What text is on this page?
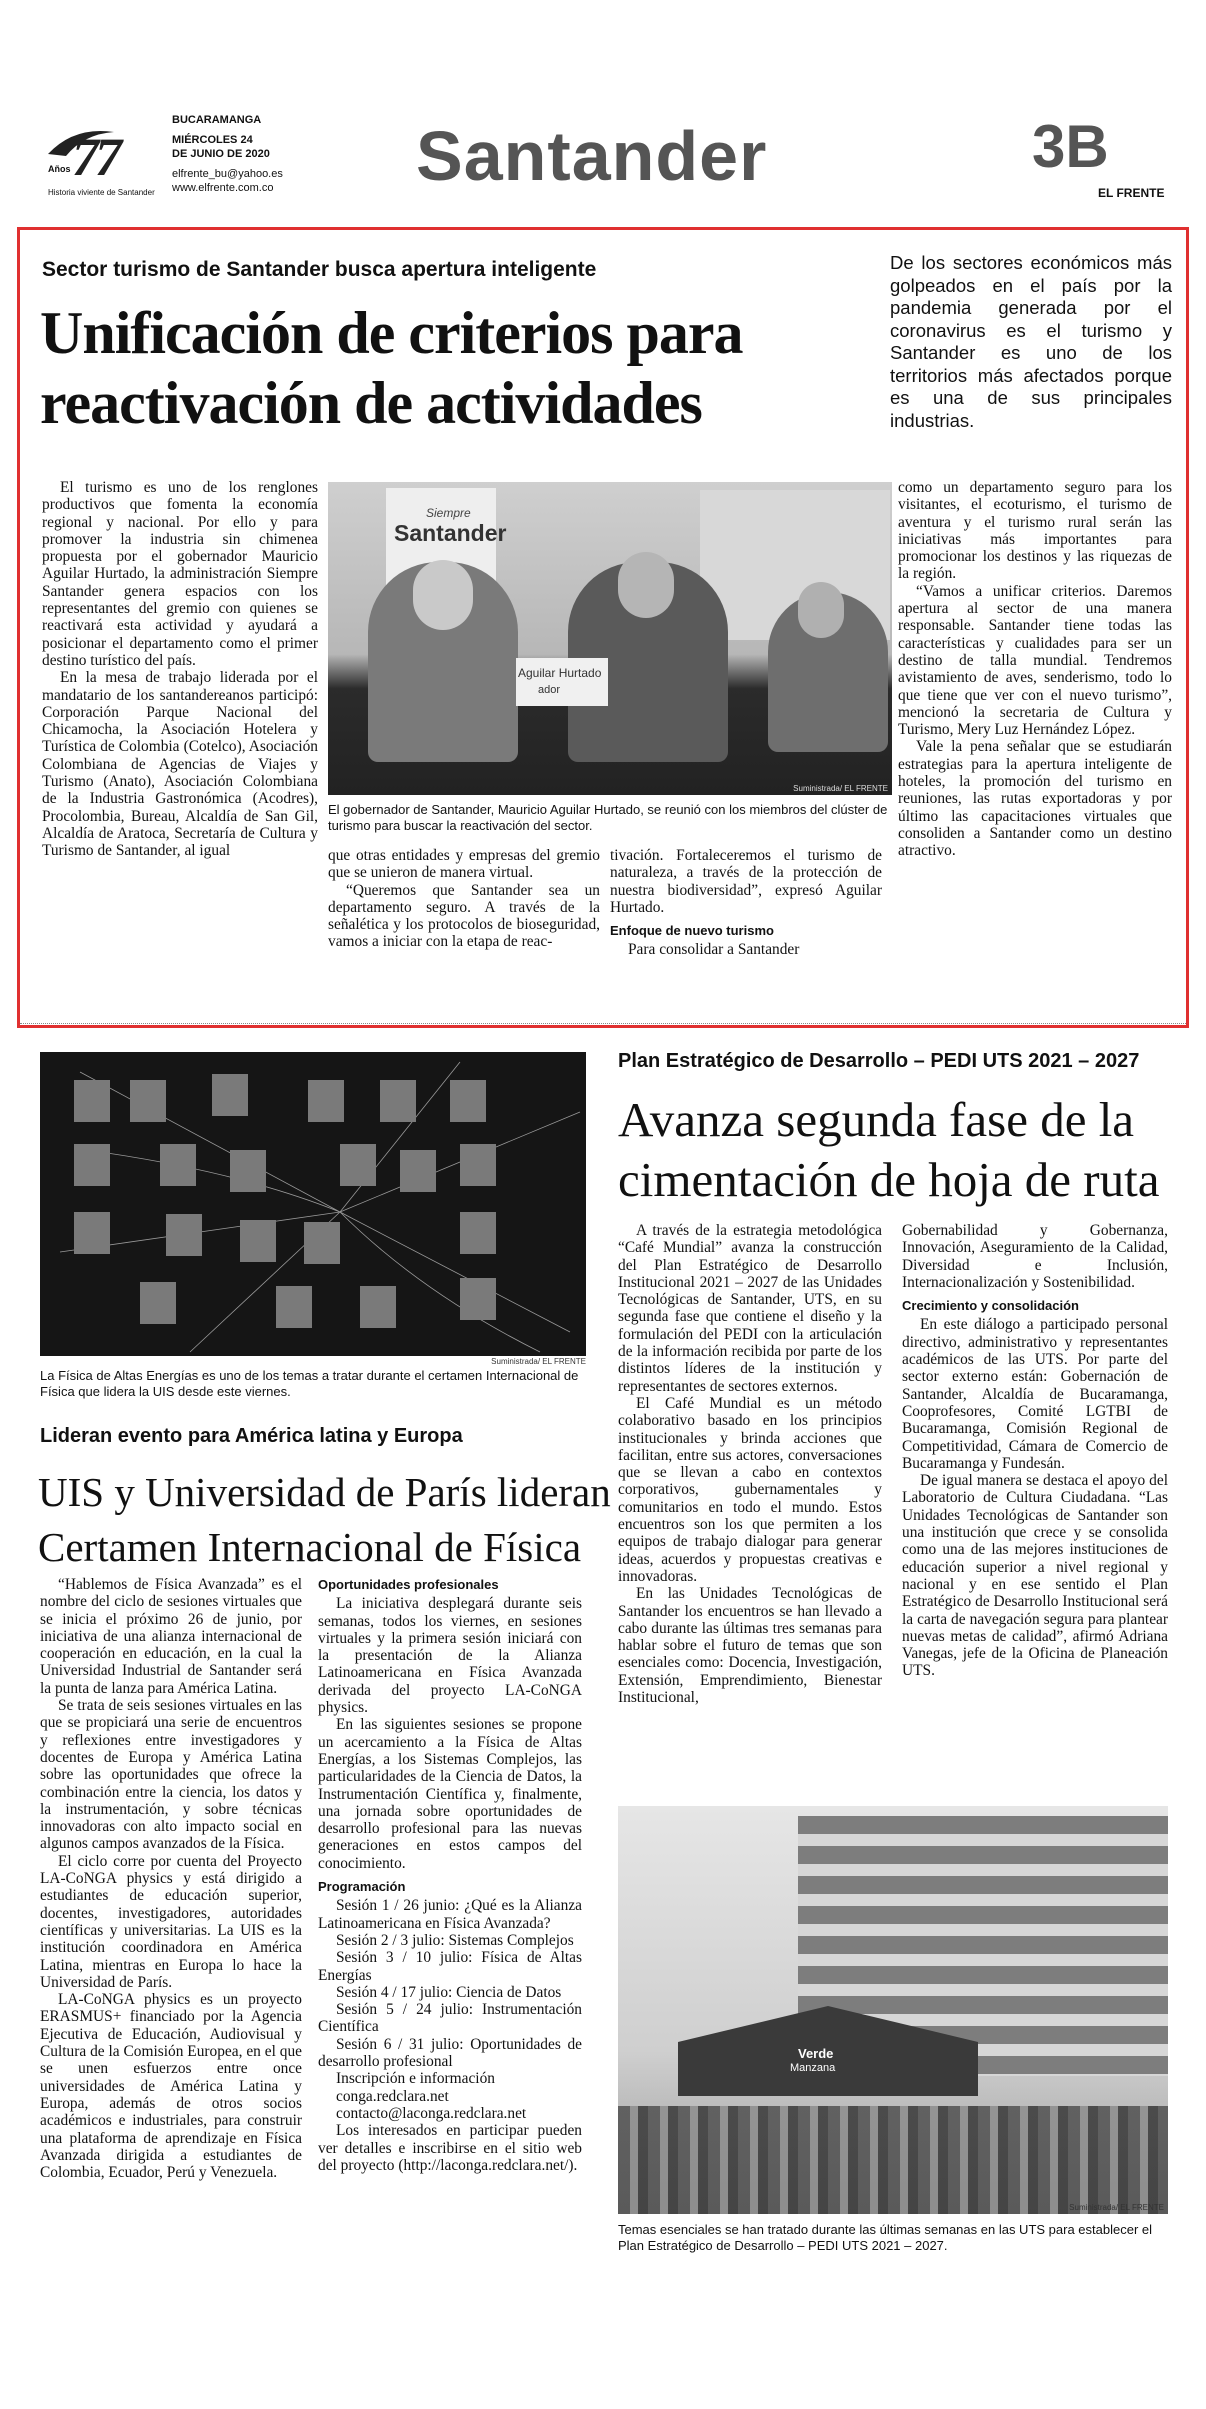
77
Años
Historia viviente de Santander
BUCARAMANGA
MIÉRCOLES 24
DE JUNIO DE 2020
elfrente_bu@yahoo.es
www.elfrente.com.co Santander	3B
EL FRENTE
Sector turismo de Santander busca apertura inteligente
Unificación de criterios para
reactivación de actividades
De los sectores económicos más golpeados en el país por la pandemia generada por el coronavirus es el turismo y Santander es uno de los territorios más afectados porque es una de sus principales industrias.
Siempre
Santander
Aguilar Hurtado
ador
Suministrada/ EL FRENTE
El gobernador de Santander, Mauricio Aguilar Hurtado, se reunió con los miembros del clúster de turismo para buscar la reactivación del sector.

El turismo es uno de los renglones productivos que fomenta la economía regional y nacional. Por ello y para promover la industria sin chimenea propuesta por el gobernador Mauricio Aguilar Hurtado, la administración Siempre Santander genera espacios con los representantes del gremio con quienes se reactivará esta actividad y ayudará a posicionar el departamento como el primer destino turístico del país.

En la mesa de trabajo liderada por el mandatario de los santandereanos participó: Corporación Parque Nacional del Chicamocha, la Asociación Hotelera y Turística de Colombia (Cotelco), Asociación Colombiana de Agencias de Viajes y Turismo (Anato), Asociación Colombiana de la Industria Gastronómica (Acodres), Procolombia, Bureau, Alcaldía de San Gil, Alcaldía de Aratoca, Secretaría de Cultura y Turismo de Santander, al igual	que otras entidades y empresas del gremio que se unieron de manera virtual.

“Queremos que Santander sea un departamento seguro. A través de la señalética y los protocolos de bioseguridad, vamos a iniciar con la etapa de reac-

tivación. Fortaleceremos el turismo de naturaleza, a través de la protección de nuestra biodiversidad”, expresó Aguilar Hurtado.

Enfoque de nuevo turismo

Para consolidar a Santander

como un departamento seguro para los visitantes, el ecoturismo, el turismo de aventura y el turismo rural serán las iniciativas más importantes para promocionar los destinos y las riquezas de la región.

“Vamos a unificar criterios. Daremos apertura al sector de una manera responsable. Santander tiene todas las características y cualidades para ser un destino de talla mundial. Tendremos avistamiento de aves, senderismo, todo lo que tiene que ver con el nuevo turismo”, mencionó la secretaria de Cultura y Turismo, Mery Luz Hernández López.

Vale la pena señalar que se estudiarán estrategias para la apertura inteligente de hoteles, la promoción del turismo en reuniones, las rutas exportadoras y por último las capacitaciones virtuales que consoliden a Santander como un destino atractivo.

Suministrada/ EL FRENTE
La Física de Altas Energías es uno de los temas a tratar durante el certamen Internacional de Física que lidera la UIS desde este viernes.
Lideran evento para América latina y Europa
UIS y Universidad de París lideran
Certamen Internacional de Física

“Hablemos de Física Avanzada” es el nombre del ciclo de sesiones virtuales que se inicia el próximo 26 de junio, por iniciativa de una alianza internacional de cooperación en educación, en la cual la Universidad Industrial de Santander será la punta de lanza para América Latina.

Se trata de seis sesiones virtuales en las que se propiciará una serie de encuentros y reflexiones entre investigadores y docentes de Europa y América Latina sobre las oportunidades que ofrece la combinación entre la ciencia, los datos y la instrumentación, y sobre técnicas innovadoras con alto impacto social en algunos campos avanzados de la Física.

El ciclo corre por cuenta del Proyecto LA-CoNGA physics y está dirigido a estudiantes de educación superior, docentes, investigadores, autoridades científicas y universitarias. La UIS es la institución coordinadora en América Latina, mientras en Europa lo hace la Universidad de París.

LA-CoNGA physics es un proyecto ERASMUS+ financiado por la Agencia Ejecutiva de Educación, Audiovisual y Cultura de la Comisión Europea, en el que se unen esfuerzos entre once universidades de América Latina y Europa, además de otros socios académicos e industriales, para construir una plataforma de aprendizaje en Física Avanzada dirigida a estudiantes de Colombia, Ecuador, Perú y Venezuela.

Oportunidades profesionales

La iniciativa desplegará durante seis semanas, todos los viernes, en sesiones virtuales y la primera sesión iniciará con la presentación de la Alianza Latinoamericana en Física Avanzada derivada del proyecto LA-CoNGA physics.

En las siguientes sesiones se propone un acercamiento a la Física de Altas Energías, a los Sistemas Complejos, las particularidades de la Ciencia de Datos, la Instrumentación Científica y, finalmente, una jornada sobre oportunidades de desarrollo profesional para las nuevas generaciones en estos campos del conocimiento.

Programación

Sesión 1 / 26 junio: ¿Qué es la Alianza Latinoamericana en Física Avanzada?

Sesión 2 / 3 julio: Sistemas Complejos

Sesión 3 / 10 julio: Física de Altas Energías

Sesión 4 / 17 julio: Ciencia de Datos

Sesión 5 / 24 julio: Instrumentación Científica

Sesión 6 / 31 julio: Oportunidades de desarrollo profesional

Inscripción e información

conga.redclara.net

contacto@laconga.redclara.net

Los interesados en participar pueden ver detalles e inscribirse en el sitio web del proyecto (http://laconga.redclara.net/).

Plan Estratégico de Desarrollo – PEDI UTS 2021 – 2027
Avanza segunda fase de la
cimentación de hoja de ruta

A través de la estrategia metodológica “Café Mundial” avanza la construcción del Plan Estratégico de Desarrollo Institucional 2021 – 2027 de las Unidades Tecnológicas de Santander, UTS, en su segunda fase que contiene el diseño y la formulación del PEDI con la articulación de la información recibida por parte de los distintos líderes de la institución y representantes de sectores externos.

El Café Mundial es un método colaborativo basado en los principios institucionales y brinda acciones que facilitan, entre sus actores, conversaciones que se llevan a cabo en contextos corporativos, gubernamentales y comunitarios en todo el mundo. Estos encuentros son los que permiten a los equipos de trabajo dialogar para generar ideas, acuerdos y propuestas creativas e innovadoras.

En las Unidades Tecnológicas de Santander los encuentros se han llevado a cabo durante las últimas tres semanas para hablar sobre el futuro de temas que son esenciales como: Docencia, Investigación, Extensión, Emprendimiento, Bienestar Institucional,

Gobernabilidad y Gobernanza, Innovación, Aseguramiento de la Calidad, Diversidad e Inclusión, Internacionalización y Sostenibilidad.

Crecimiento y consolidación

En este diálogo a participado personal directivo, administrativo y representantes académicos de las UTS. Por parte del sector externo están: Gobernación de Santander, Alcaldía de Bucaramanga, Cooprofesores, Comité LGTBI de Bucaramanga, Comisión Regional de Competitividad, Cámara de Comercio de Bucaramanga y Fundesán.

De igual manera se destaca el apoyo del Laboratorio de Cultura Ciudadana. “Las Unidades Tecnológicas de Santander son una institución que crece y se consolida como una de las mejores instituciones de educación superior a nivel regional y nacional y en ese sentido el Plan Estratégico de Desarrollo Institucional será la carta de navegación segura para plantear nuevas metas de calidad”, afirmó Adriana Vanegas, jefe de la Oficina de Planeación UTS.

Verde
Manzana
Suministrada/ EL FRENTE
Temas esenciales se han tratado durante las últimas semanas en las UTS para establecer el Plan Estratégico de Desarrollo – PEDI UTS 2021 – 2027.
